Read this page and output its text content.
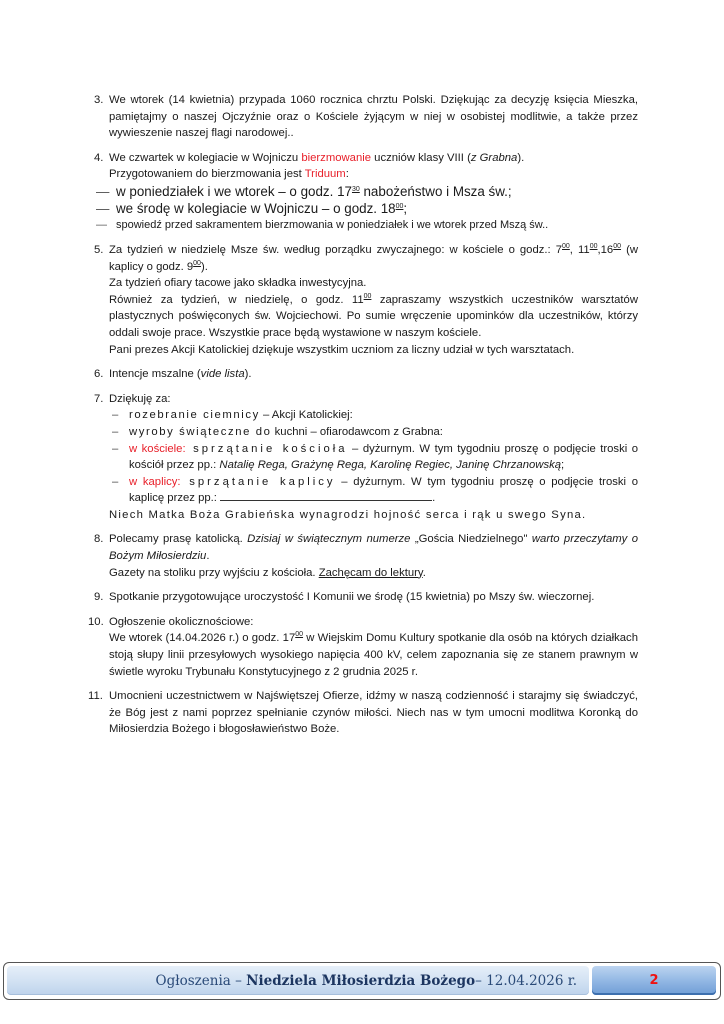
3. We wtorek (14 kwietnia) przypada 1060 rocznica chrztu Polski. Dziękując za decyzję księcia Mieszka, pamiętajmy o naszej Ojczyźnie oraz o Kościele żyjącym w niej w osobistej modlitwie, a także przez wywieszenie naszej flagi narodowej..
4. We czwartek w kolegiacie w Wojniczu bierzmowanie uczniów klasy VIII (z Grabna).
Przygotowaniem do bierzmowania jest Triduum:
— w poniedziałek i we wtorek – o godz. $17^{30}$ nabożeństwo i Msza św.;
— we środę w kolegiacie w Wojniczu – o godz. $18^{00}$;
— spowiedź przed sakramentem bierzmowania w poniedziałek i we wtorek przed Mszą św..
5. Za tydzień w niedzielę Msze św. według porządku zwyczajnego: w kościele o godz.: $7^{00}$, $11^{00},16^{00}$ (w kaplicy o godz. $9^{00}$).
Za tydzień ofiary tacowe jako składka inwestycyjna.
Również za tydzień, w niedzielę, o godz. $11^{00}$ zapraszamy wszystkich uczestników warsztatów plastycznych poświęconych św. Wojciechowi. Po sumie wręczenie upominków dla uczestników, którzy oddali swoje prace. Wszystkie prace będą wystawione w naszym kościele.
Pani prezes Akcji Katolickiej dziękuje wszystkim uczniom za liczny udział w tych warsztatach.
6. Intencje mszalne (vide lista).
7. Dziękuję za:
– rozebranie ciemnicy – Akcji Katolickiej:
– wyroby świąteczne do kuchni – ofiarodawcom z Grabna:
– w kościele: sprzątanie kościoła – dyżurnym. W tym tygodniu proszę o podjęcie troski o kościół przez pp.: Natalię Rega, Grażynę Rega, Karolinę Regiec, Janinę Chrzanowską;
– w kaplicy: sprzątanie kaplicy – dyżurnym. W tym tygodniu proszę o podjęcie troski o kaplicę przez pp.:	.
Niech Matka Boża Grabieńska wynagrodzi hojność serca i rąk u swego Syna.
8. Polecamy prasę katolicką. Dzisiaj w świątecznym numerze „Gościa Niedzielnego" warto przeczytamy o Bożym Miłosierdziu.
Gazety na stoliku przy wyjściu z kościoła. Zachęcam do lektury.
9. Spotkanie przygotowujące uroczystość I Komunii we środę (15 kwietnia) po Mszy św. wieczornej.
10. Ogłoszenie okolicznościowe:
We wtorek (14.04.2026 r.) o godz. $17^{00}$ w Wiejskim Domu Kultury spotkanie dla osób na których działkach stoją słupy linii przesyłowych wysokiego napięcia 400 kV, celem zapoznania się ze stanem prawnym w świetle wyroku Trybunału Konstytucyjnego z 2 grudnia 2025 r.
11. Umocnieni uczestnictwem w Najświętszej Ofierze, idźmy w naszą codzienność i starajmy się świadczyć, że Bóg jest z nami poprzez spełnianie czynów miłości. Niech nas w tym umocni modlitwa Koronką do Miłosierdzia Bożego i błogosławieństwo Boże.
Ogłoszenia –
Niedziela Miłosierdzia Bożego – 12.04.2026 r.	2
